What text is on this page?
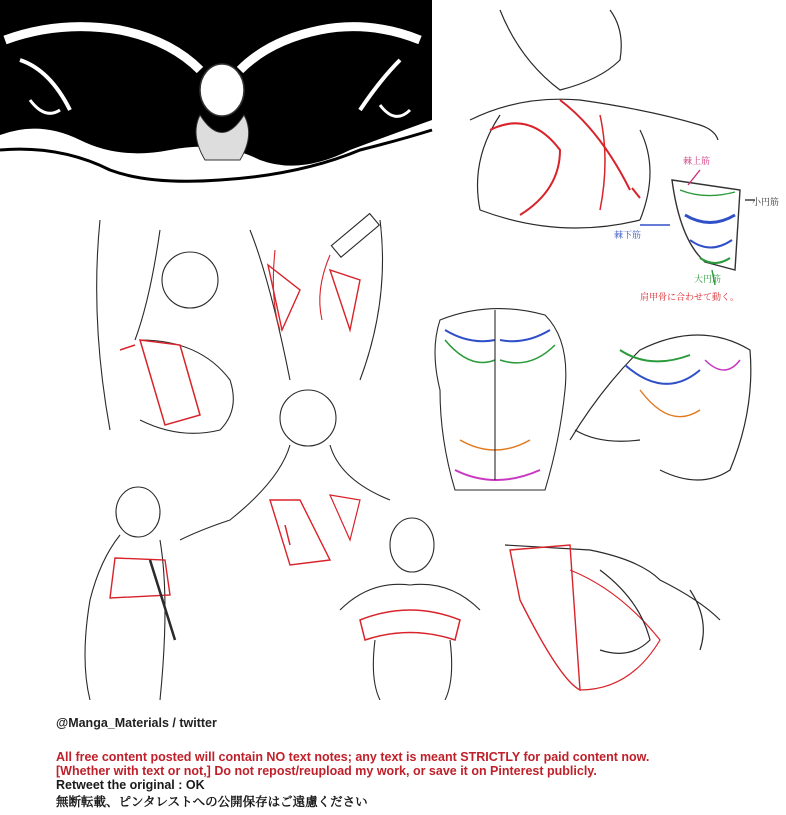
棘上筋
小円筋
棘下筋
大円筋
肩甲骨に合わせて動く。
@Manga_Materials / twitter
All free content posted will contain NO text notes; any text is meant STRICTLY for paid content now.
[Whether with text or not,] Do not repost/reupload my work, or save it on Pinterest publicly.
Retweet the original : OK
無断転載、ピンタレストへの公開保存はご遠慮ください
